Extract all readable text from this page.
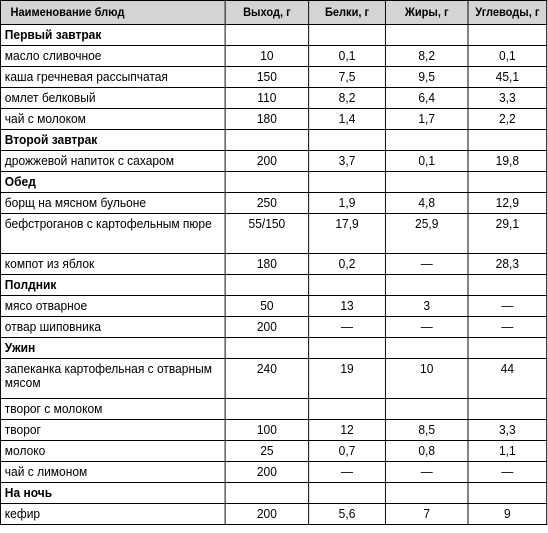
Наименование блюд	Выход, г	Белки, г	Жиры, г	Углеводы, г
Первый завтрак				
масло сливочное	10	0,1	8,2	0,1
каша гречневая рассыпчатая	150	7,5	9,5	45,1
омлет белковый	110	8,2	6,4	3,3
чай с молоком	180	1,4	1,7	2,2
Второй завтрак				
дрожжевой напиток с сахаром	200	3,7	0,1	19,8
Обед				
борщ на мясном бульоне	250	1,9	4,8	12,9
бефстроганов с картофельным пюре	55/150	17,9	25,9	29,1
компот из яблок	180	0,2	—	28,3
Полдник				
мясо отварное	50	13	3	—
отвар шиповника	200	—	—	—
Ужин				
запеканка картофельная с отварным мясом	240	19	10	44
творог с молоком				
творог	100	12	8,5	3,3
молоко	25	0,7	0,8	1,1
чай с лимоном	200	—	—	—
На ночь				
кефир	200	5,6	7	9
